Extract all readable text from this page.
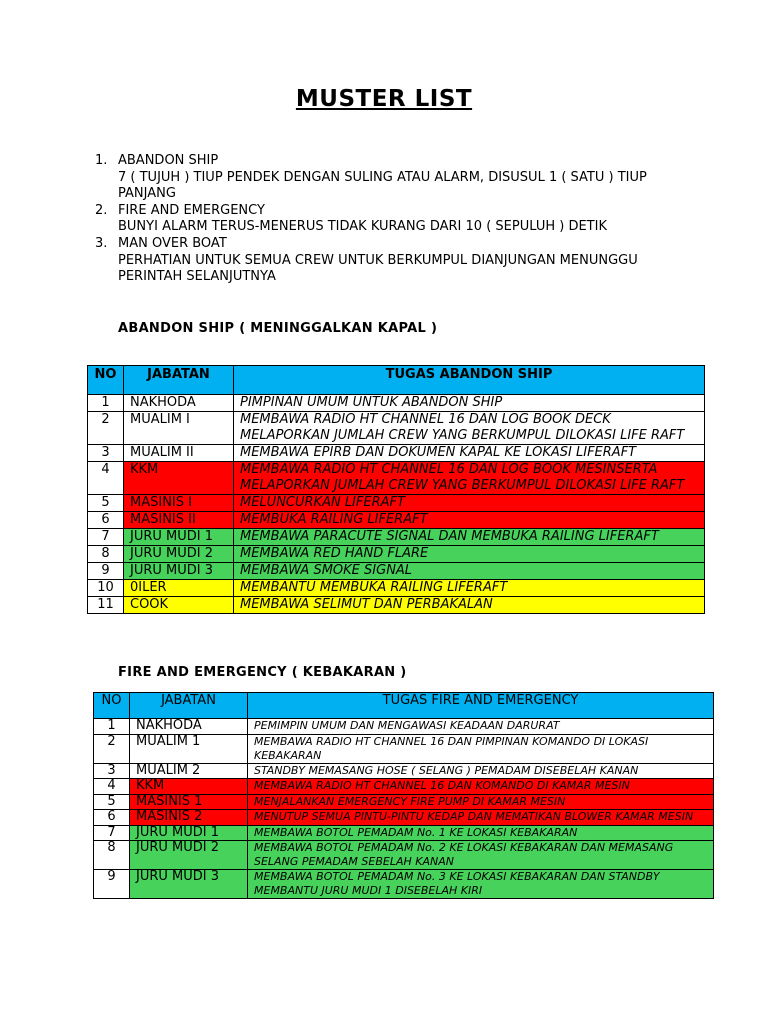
MUSTER LIST
1. ABANDON SHIP
7 ( TUJUH ) TIUP PENDEK DENGAN SULING ATAU ALARM, DISUSUL 1 ( SATU ) TIUP PANJANG
2. FIRE AND EMERGENCY
BUNYI ALARM TERUS-MENERUS TIDAK KURANG DARI 10 ( SEPULUH ) DETIK
3. MAN OVER BOAT
PERHATIAN UNTUK SEMUA CREW UNTUK BERKUMPUL DIANJUNGAN MENUNGGU PERINTAH SELANJUTNYA
ABANDON SHIP ( MENINGGALKAN KAPAL )
NO	JABATAN	TUGAS ABANDON SHIP
1	NAKHODA	PIMPINAN UMUM UNTUK ABANDON SHIP
2	MUALIM I	MEMBAWA RADIO HT CHANNEL 16 DAN LOG BOOK DECK MELAPORKAN JUMLAH CREW YANG BERKUMPUL DILOKASI LIFE RAFT
3	MUALIM II	MEMBAWA EPIRB DAN DOKUMEN KAPAL KE LOKASI LIFERAFT
4	KKM	MEMBAWA RADIO HT CHANNEL 16 DAN LOG BOOK MESINSERTA MELAPORKAN JUMLAH CREW YANG BERKUMPUL DILOKASI LIFE RAFT
5	MASINIS I	MELUNCURKAN LIFERAFT
6	MASINIS II	MEMBUKA RAILING LIFERAFT
7	JURU MUDI 1	MEMBAWA PARACUTE SIGNAL DAN MEMBUKA RAILING LIFERAFT
8	JURU MUDI 2	MEMBAWA RED HAND FLARE
9	JURU MUDI 3	MEMBAWA SMOKE SIGNAL
10	0ILER	MEMBANTU MEMBUKA RAILING LIFERAFT
11	COOK	MEMBAWA SELIMUT DAN PERBAKALAN
FIRE AND EMERGENCY ( KEBAKARAN )
NO	JABATAN	TUGAS FIRE AND EMERGENCY
1	NAKHODA	PEMIMPIN UMUM DAN MENGAWASI KEADAAN DARURAT
2	MUALIM 1	MEMBAWA RADIO HT CHANNEL 16 DAN PIMPINAN KOMANDO DI LOKASI KEBAKARAN
3	MUALIM 2	STANDBY MEMASANG HOSE ( SELANG ) PEMADAM DISEBELAH KANAN
4	KKM	MEMBAWA RADIO HT CHANNEL 16 DAN KOMANDO DI KAMAR MESIN
5	MASINIS 1	MENJALANKAN EMERGENCY FIRE PUMP DI KAMAR MESIN
6	MASINIS 2	MENUTUP SEMUA PINTU-PINTU KEDAP DAN MEMATIKAN BLOWER KAMAR MESIN
7	JURU MUDI 1	MEMBAWA BOTOL PEMADAM No. 1 KE LOKASI KEBAKARAN
8	JURU MUDI 2	MEMBAWA BOTOL PEMADAM No. 2 KE LOKASI KEBAKARAN DAN MEMASANG SELANG PEMADAM SEBELAH KANAN
9	JURU MUDI 3	MEMBAWA BOTOL PEMADAM No. 3 KE LOKASI KEBAKARAN DAN STANDBY MEMBANTU JURU MUDI 1 DISEBELAH KIRI
